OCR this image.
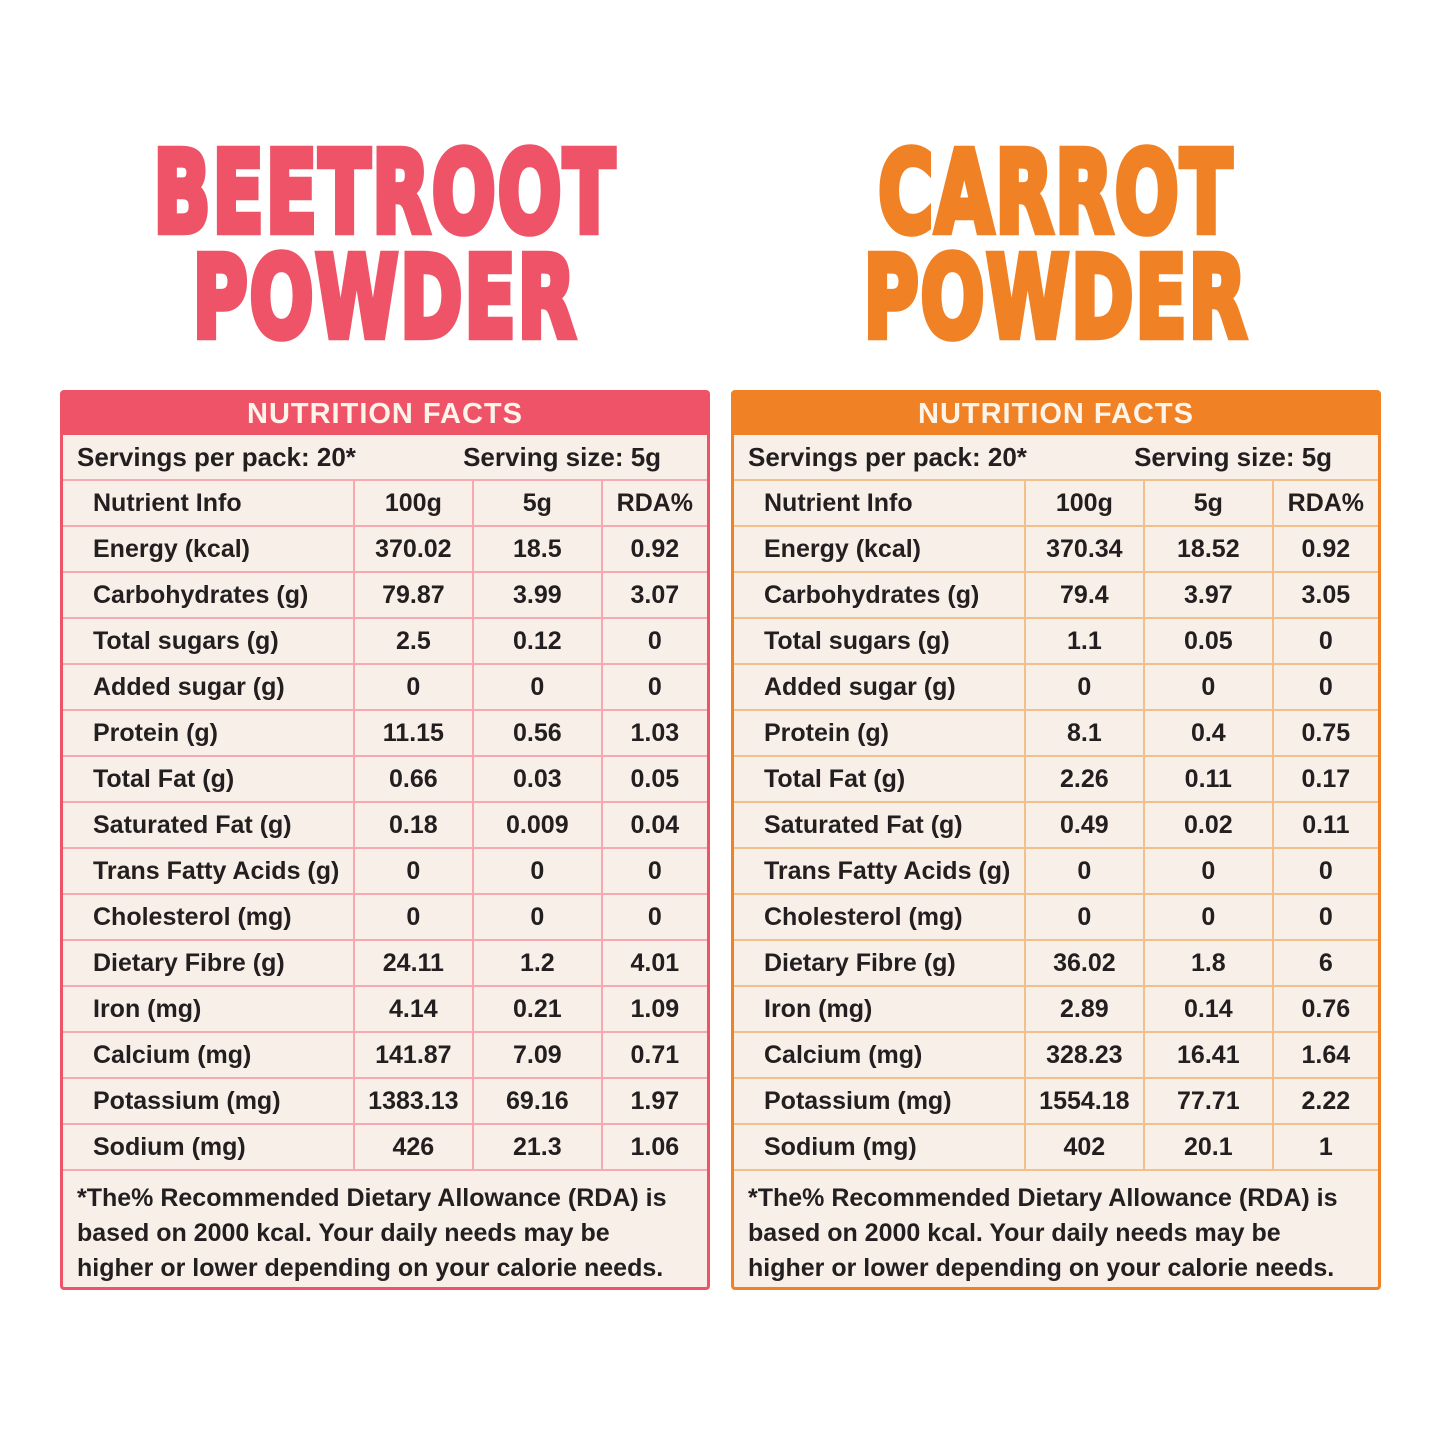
BEETROOT
POWDER
NUTRITION FACTS
Servings per pack: 20*	Serving size: 5g
Nutrient Info	100g	5g	RDA%
Energy (kcal)	370.02	18.5	0.92
Carbohydrates (g)	79.87	3.99	3.07
Total sugars (g)	2.5	0.12	0
Added sugar (g)	0	0	0
Protein (g)	11.15	0.56	1.03
Total Fat (g)	0.66	0.03	0.05
Saturated Fat (g)	0.18	0.009	0.04
Trans Fatty Acids (g)	0	0	0
Cholesterol (mg)	0	0	0
Dietary Fibre (g)	24.11	1.2	4.01
Iron (mg)	4.14	0.21	1.09
Calcium (mg)	141.87	7.09	0.71
Potassium (mg)	1383.13	69.16	1.97
Sodium (mg)	426	21.3	1.06
*The% Recommended Dietary Allowance (RDA) is based on 2000 kcal. Your daily needs may be higher or lower depending on your calorie needs.
CARROT
POWDER
NUTRITION FACTS
Servings per pack: 20*	Serving size: 5g
Nutrient Info	100g	5g	RDA%
Energy (kcal)	370.34	18.52	0.92
Carbohydrates (g)	79.4	3.97	3.05
Total sugars (g)	1.1	0.05	0
Added sugar (g)	0	0	0
Protein (g)	8.1	0.4	0.75
Total Fat (g)	2.26	0.11	0.17
Saturated Fat (g)	0.49	0.02	0.11
Trans Fatty Acids (g)	0	0	0
Cholesterol (mg)	0	0	0
Dietary Fibre (g)	36.02	1.8	6
Iron (mg)	2.89	0.14	0.76
Calcium (mg)	328.23	16.41	1.64
Potassium (mg)	1554.18	77.71	2.22
Sodium (mg)	402	20.1	1
*The% Recommended Dietary Allowance (RDA) is based on 2000 kcal. Your daily needs may be higher or lower depending on your calorie needs.
